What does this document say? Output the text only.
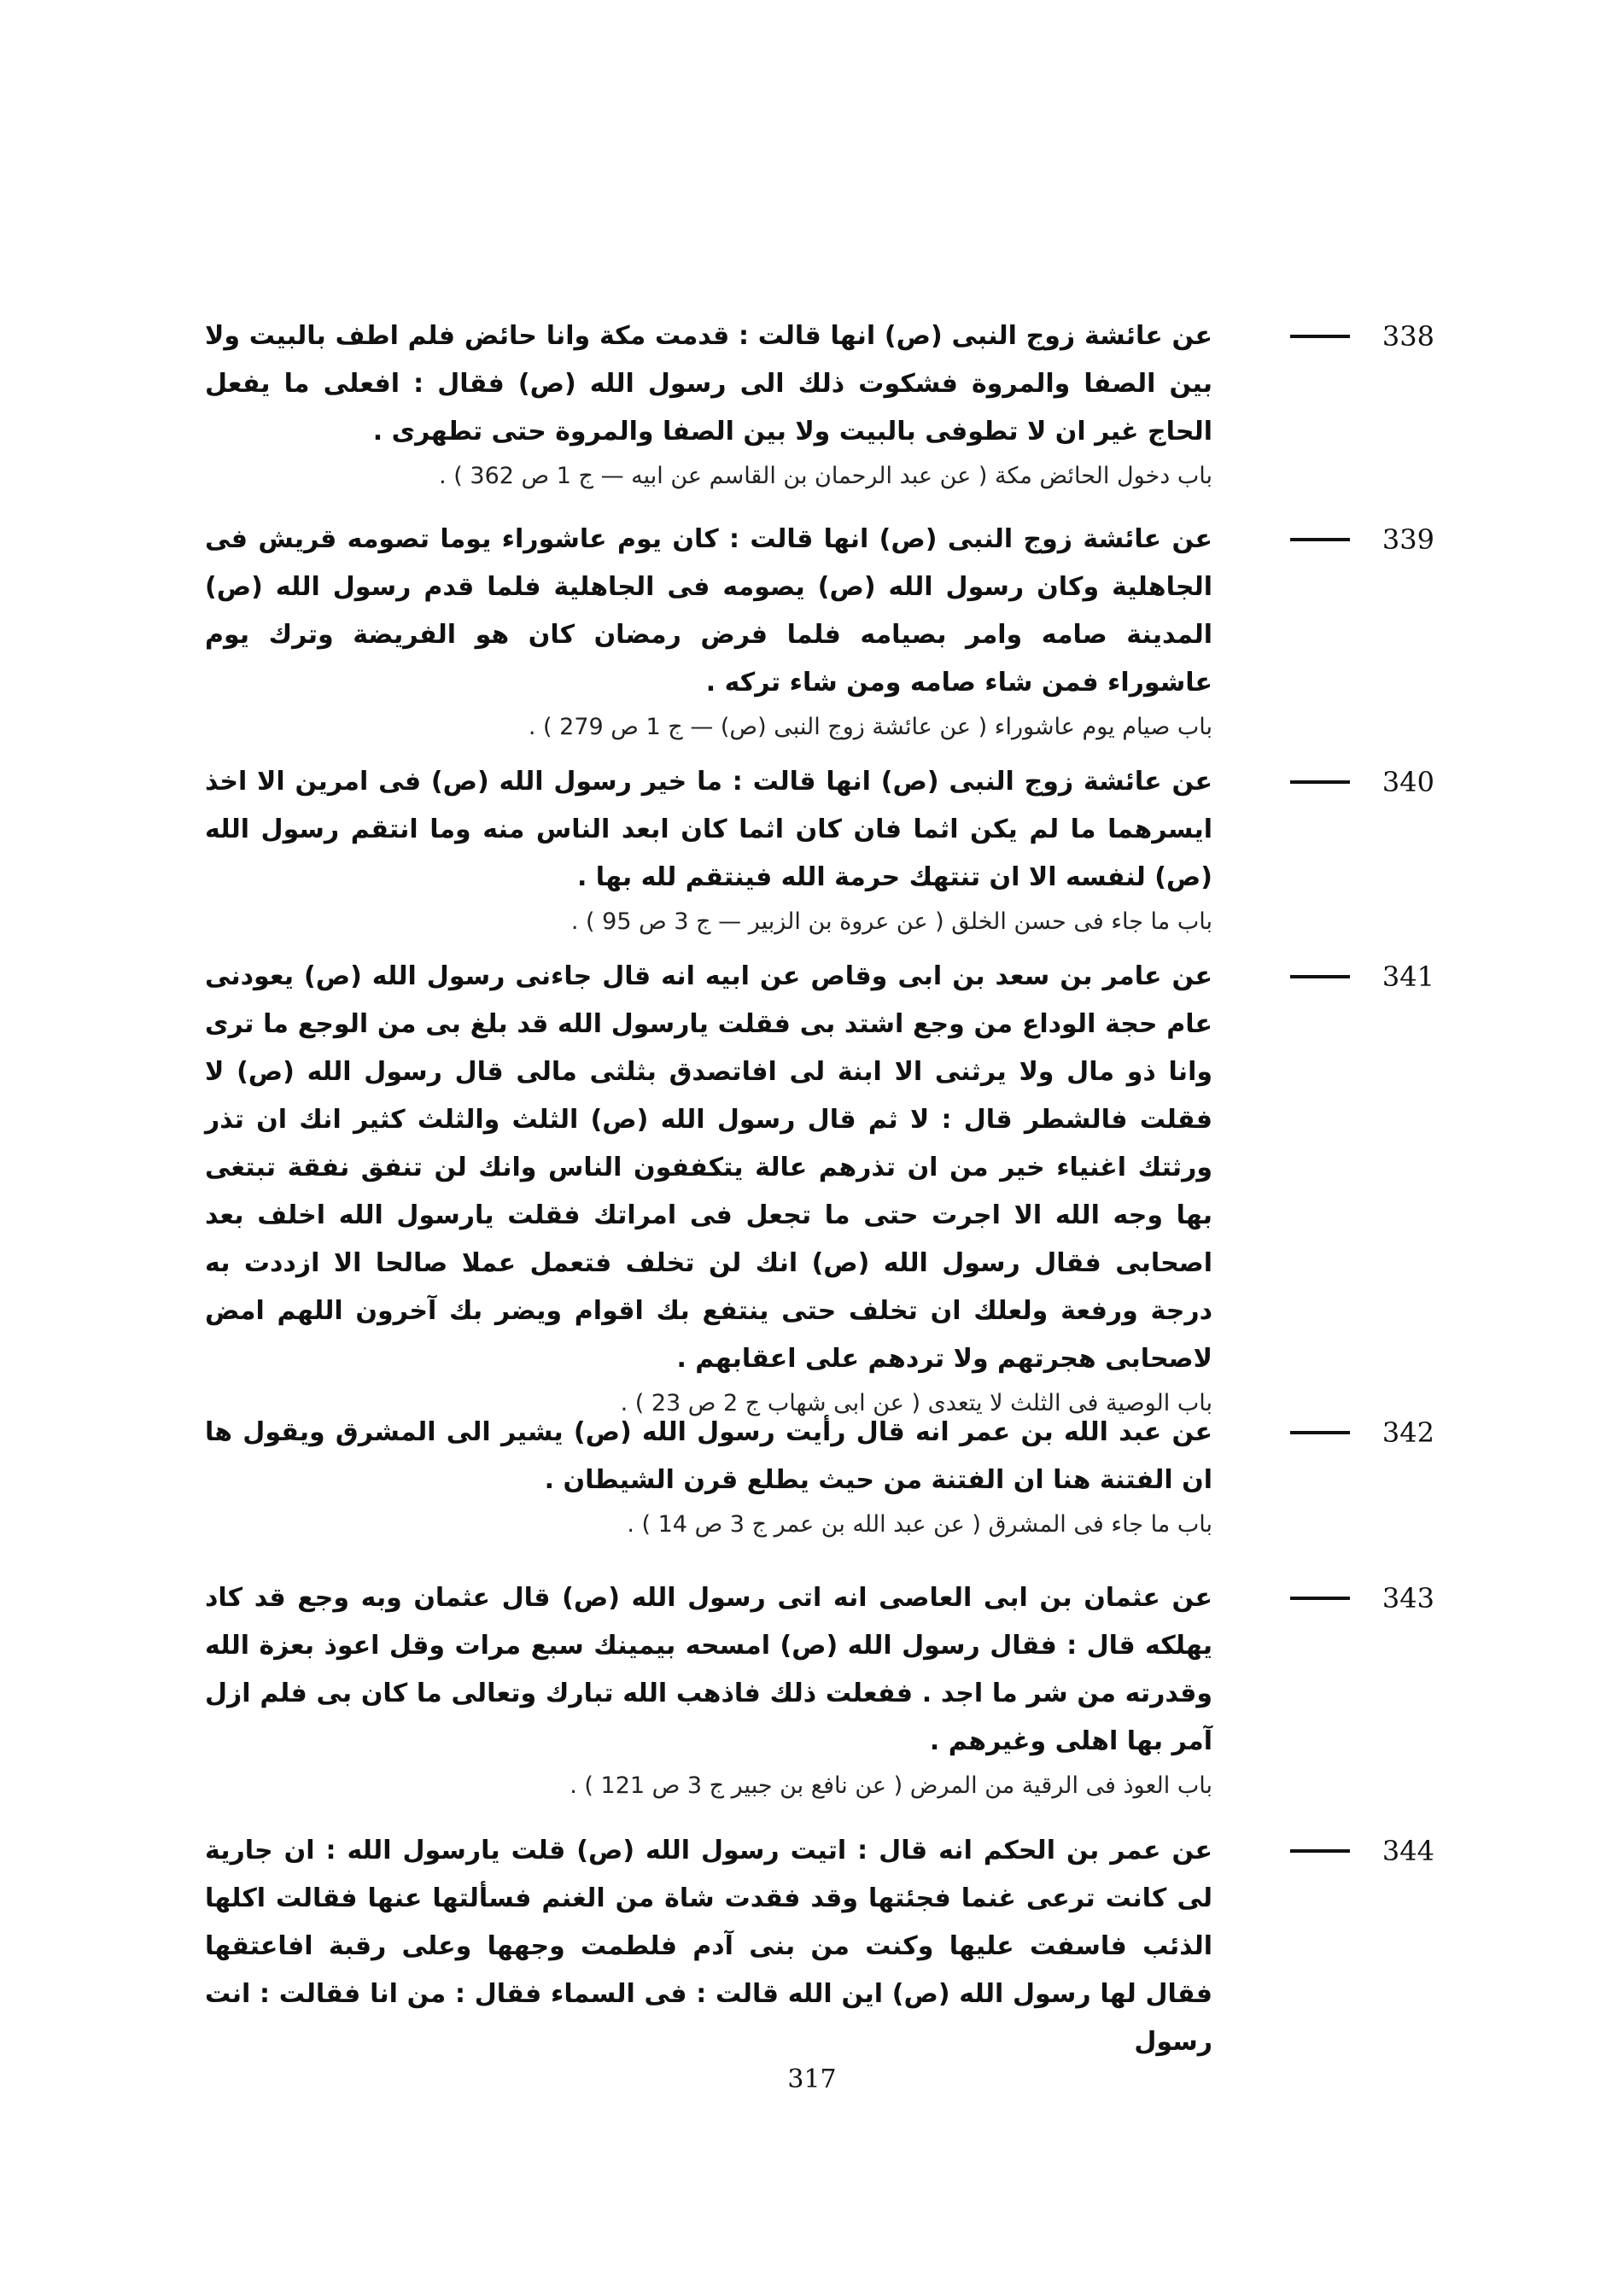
338

عن عائشة زوج النبى (ص) انها قالت : قدمت مكة وانا حائض فلم اطف بالبيت ولا بين الصفا والمروة فشكوت ذلك الى رسول الله (ص) فقال : افعلى ما يفعل الحاج غير ان لا تطوفى بالبيت ولا بين الصفا والمروة حتى تطهرى .

باب دخول الحائض مكة ( عن عبد الرحمان بن القاسم عن ابيه — ج 1 ص 362 ) .

339

عن عائشة زوج النبى (ص) انها قالت : كان يوم عاشوراء يوما تصومه قريش فى الجاهلية وكان رسول الله (ص) يصومه فى الجاهلية فلما قدم رسول الله (ص) المدينة صامه وامر بصيامه فلما فرض رمضان كان هو الفريضة وترك يوم عاشوراء فمن شاء صامه ومن شاء تركه .

باب صيام يوم عاشوراء ( عن عائشة زوج النبى (ص) — ج 1 ص 279 ) .

340

عن عائشة زوج النبى (ص) انها قالت : ما خير رسول الله (ص) فى امرين الا اخذ ايسرهما ما لم يكن اثما فان كان اثما كان ابعد الناس منه وما انتقم رسول الله (ص) لنفسه الا ان تنتهك حرمة الله فينتقم لله بها .

باب ما جاء فى حسن الخلق ( عن عروة بن الزبير — ج 3 ص 95 ) .

341

عن عامر بن سعد بن ابى وقاص عن ابيه انه قال جاءنى رسول الله (ص) يعودنى عام حجة الوداع من وجع اشتد بى فقلت يارسول الله قد بلغ بى من الوجع ما ترى وانا ذو مال ولا يرثنى الا ابنة لى افاتصدق بثلثى مالى قال رسول الله (ص) لا فقلت فالشطر قال : لا ثم قال رسول الله (ص) الثلث والثلث كثير انك ان تذر ورثتك اغنياء خير من ان تذرهم عالة يتكففون الناس وانك لن تنفق نفقة تبتغى بها وجه الله الا اجرت حتى ما تجعل فى امراتك فقلت يارسول الله اخلف بعد اصحابى فقال رسول الله (ص) انك لن تخلف فتعمل عملا صالحا الا ازددت به درجة ورفعة ولعلك ان تخلف حتى ينتفع بك اقوام ويضر بك آخرون اللهم امض لاصحابى هجرتهم ولا تردهم على اعقابهم .

باب الوصية فى الثلث لا يتعدى ( عن ابى شهاب ج 2 ص 23 ) .

342

عن عبد الله بن عمر انه قال رأيت رسول الله (ص) يشير الى المشرق ويقول ها ان الفتنة هنا ان الفتنة من حيث يطلع قرن الشيطان .

باب ما جاء فى المشرق ( عن عبد الله بن عمر ج 3 ص 14 ) .

343

عن عثمان بن ابى العاصى انه اتى رسول الله (ص) قال عثمان وبه وجع قد كاد يهلكه قال : فقال رسول الله (ص) امسحه بيمينك سبع مرات وقل اعوذ بعزة الله وقدرته من شر ما اجد . ففعلت ذلك فاذهب الله تبارك وتعالى ما كان بى فلم ازل آمر بها اهلى وغيرهم .

باب العوذ فى الرقية من المرض ( عن نافع بن جبير ج 3 ص 121 ) .

344

عن عمر بن الحكم انه قال : اتيت رسول الله (ص) قلت يارسول الله : ان جارية لى كانت ترعى غنما فجئتها وقد فقدت شاة من الغنم فسألتها عنها فقالت اكلها الذئب فاسفت عليها وكنت من بنى آدم فلطمت وجهها وعلى رقبة افاعتقها فقال لها رسول الله (ص) اين الله قالت : فى السماء فقال : من انا فقالت : انت رسول

317
